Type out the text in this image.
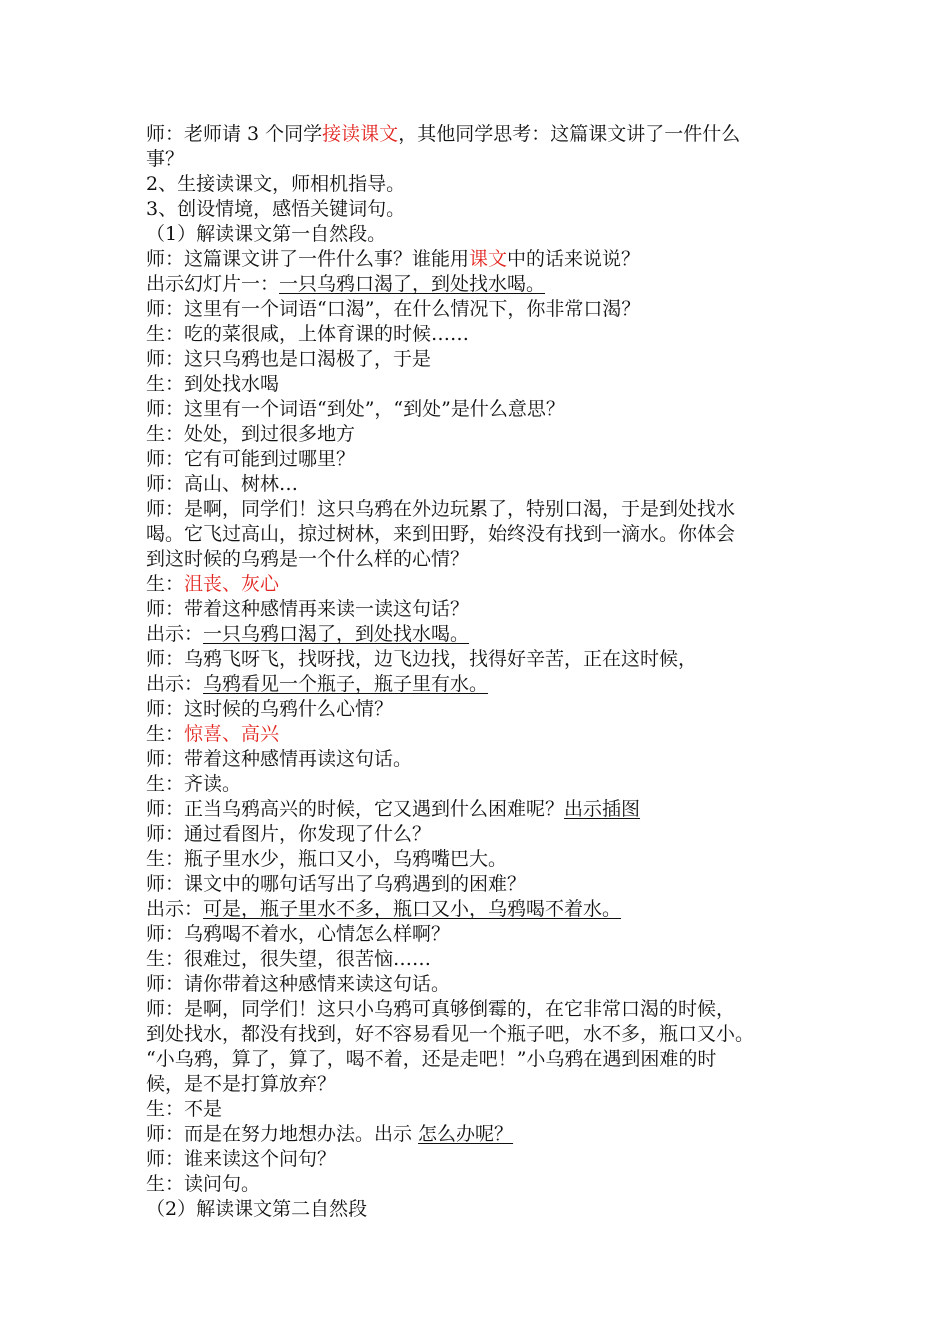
师：老师请 3 个同学接读课文，其他同学思考：这篇课文讲了一件什么
事？
2、生接读课文，师相机指导。
3、创设情境，感悟关键词句。
（1）解读课文第一自然段。
师：这篇课文讲了一件什么事？谁能用课文中的话来说说？
出示幻灯片一：一只乌鸦口渴了，到处找水喝。
师：这里有一个词语“口渴”，在什么情况下，你非常口渴？
生：吃的菜很咸，上体育课的时候……
师：这只乌鸦也是口渴极了，于是
生：到处找水喝
师：这里有一个词语“到处”，“到处”是什么意思？
生：处处，到过很多地方
师：它有可能到过哪里？
师：高山、树林…
师：是啊，同学们！这只乌鸦在外边玩累了，特别口渴，于是到处找水
喝。它飞过高山，掠过树林，来到田野，始终没有找到一滴水。你体会
到这时候的乌鸦是一个什么样的心情？
生：沮丧、灰心
师：带着这种感情再来读一读这句话？
出示：一只乌鸦口渴了，到处找水喝。
师：乌鸦飞呀飞，找呀找，边飞边找，找得好辛苦，正在这时候，
出示：乌鸦看见一个瓶子，瓶子里有水。
师：这时候的乌鸦什么心情？
生：惊喜、高兴
师：带着这种感情再读这句话。
生：齐读。
师：正当乌鸦高兴的时候，它又遇到什么困难呢？出示插图
师：通过看图片，你发现了什么？
生：瓶子里水少，瓶口又小，乌鸦嘴巴大。
师：课文中的哪句话写出了乌鸦遇到的困难？
出示：可是，瓶子里水不多，瓶口又小，乌鸦喝不着水。
师：乌鸦喝不着水，心情怎么样啊？
生：很难过，很失望，很苦恼……
师：请你带着这种感情来读这句话。
师：是啊，同学们！这只小乌鸦可真够倒霉的，在它非常口渴的时候，
到处找水，都没有找到，好不容易看见一个瓶子吧，水不多，瓶口又小。
“小乌鸦，算了，算了，喝不着，还是走吧！”小乌鸦在遇到困难的时
候，是不是打算放弃？
生：不是
师：而是在努力地想办法。出示 怎么办呢？
师：谁来读这个问句？
生：读问句。
（2）解读课文第二自然段
